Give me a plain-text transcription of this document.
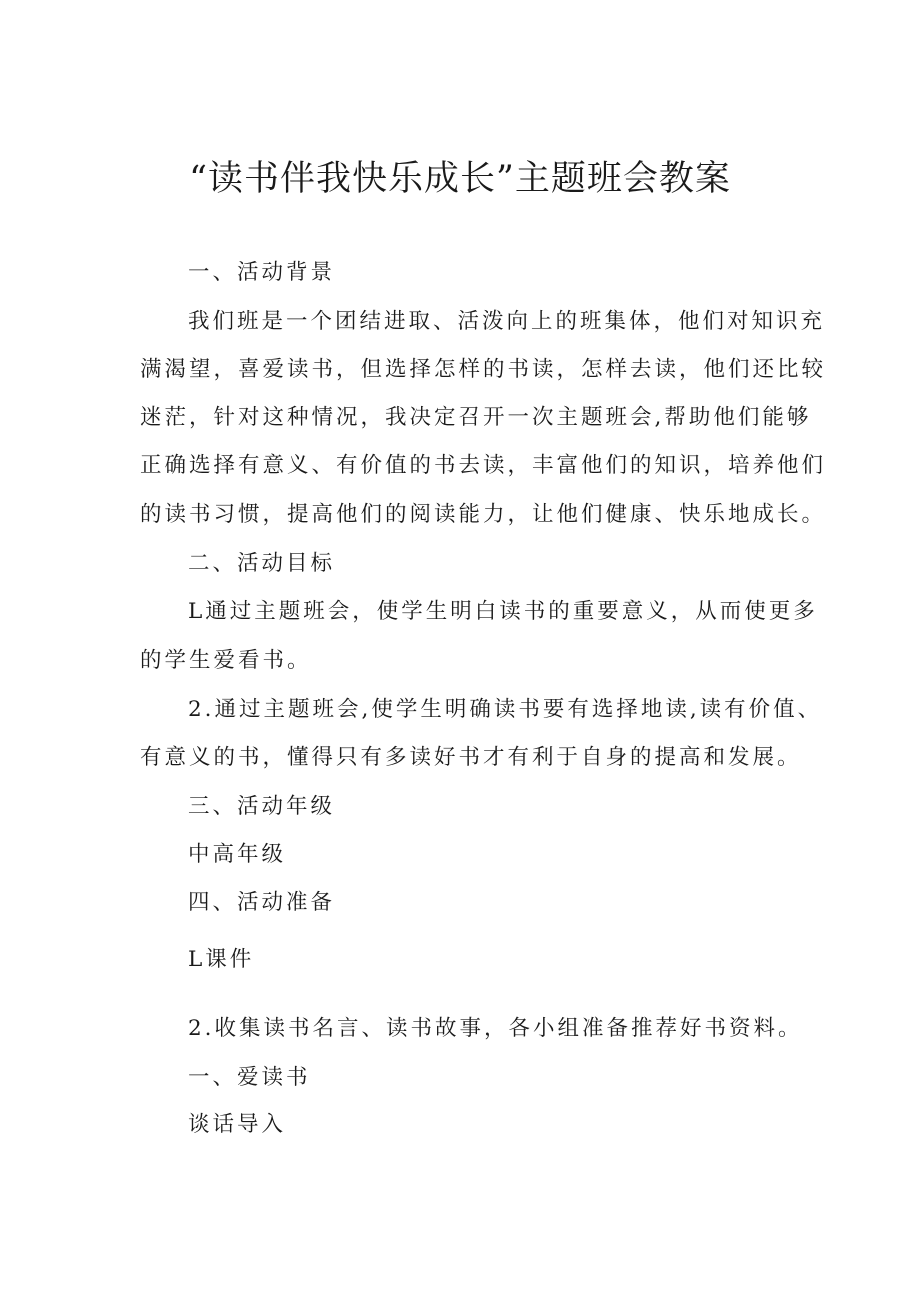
“读书伴我快乐成长”主题班会教案
一、活动背景
我们班是一个团结进取、活泼向上的班集体，他们对知识充
满渴望，喜爱读书，但选择怎样的书读，怎样去读，他们还比较
迷茫，针对这种情况，我决定召开一次主题班会,帮助他们能够
正确选择有意义、有价值的书去读，丰富他们的知识，培养他们
的读书习惯，提高他们的阅读能力，让他们健康、快乐地成长。
二、活动目标
L通过主题班会，使学生明白读书的重要意义，从而使更多
的学生爱看书。
2.通过主题班会,使学生明确读书要有选择地读,读有价值、
有意义的书，懂得只有多读好书才有利于自身的提高和发展。
三、活动年级
中高年级
四、活动准备
L课件
2.收集读书名言、读书故事，各小组准备推荐好书资料。
一、爱读书
谈话导入
